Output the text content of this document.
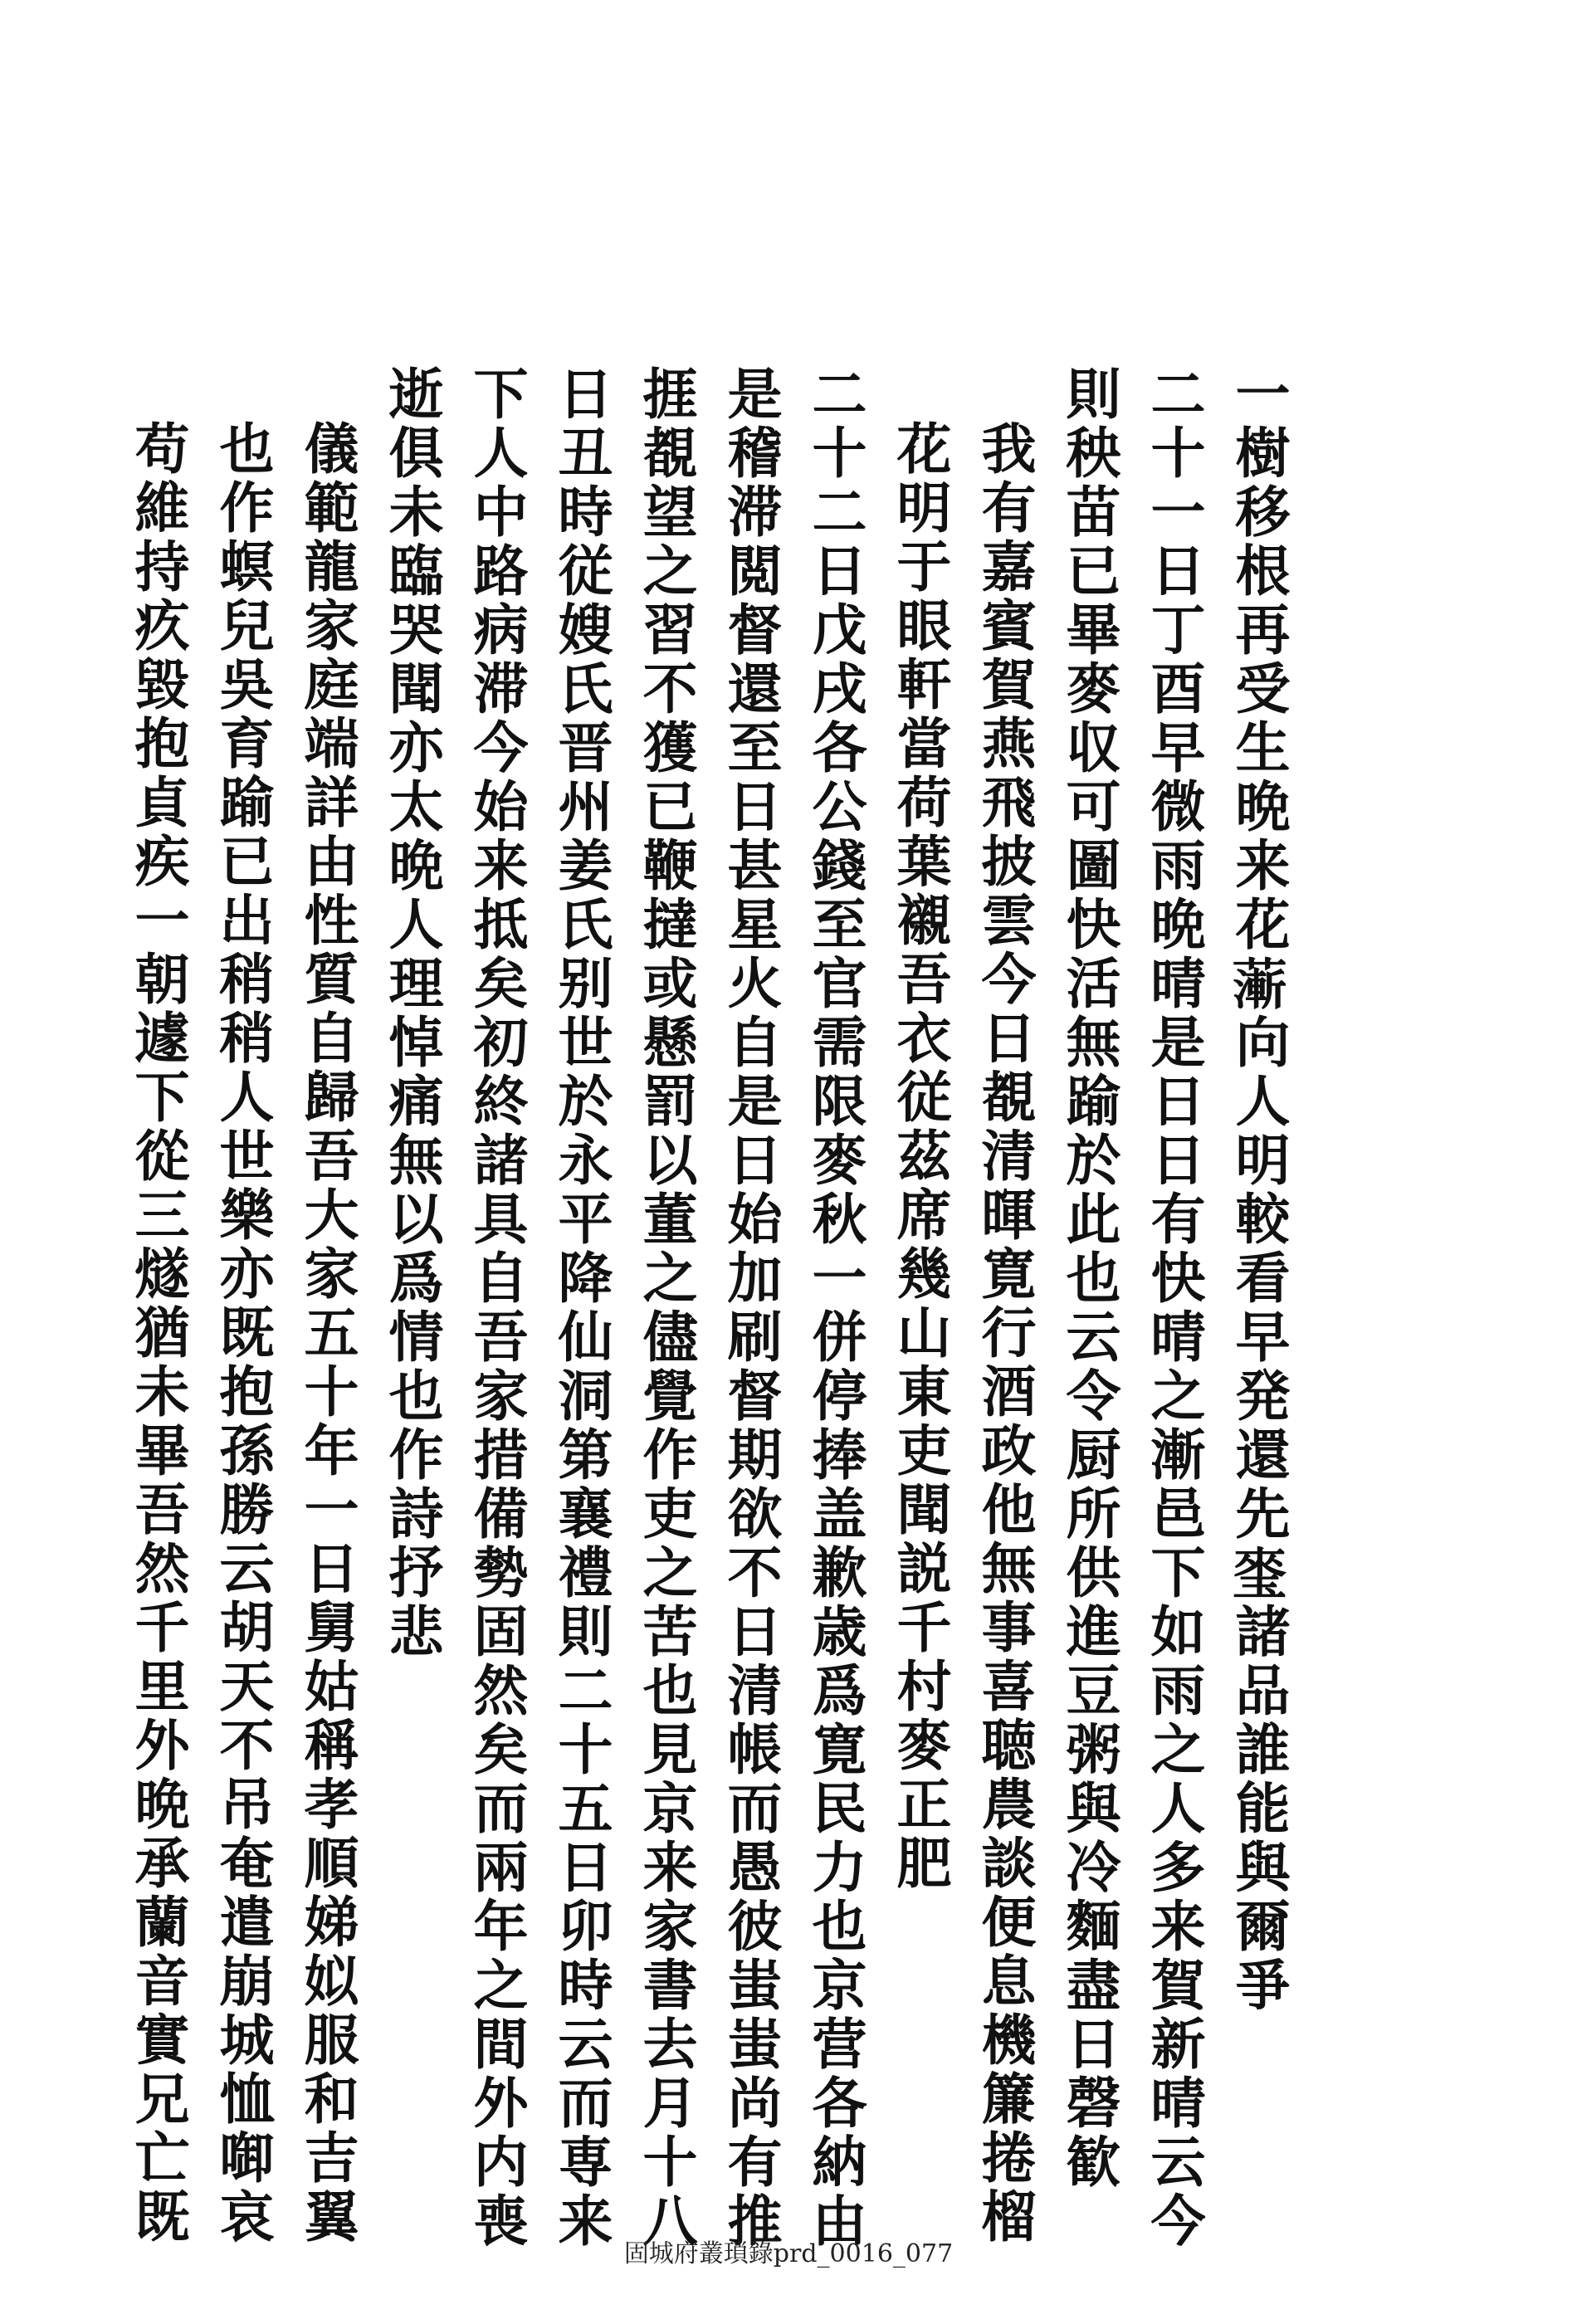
一樹移根再受生晩来花𦾶向人明較看早発還先𤦃諸品誰能與爾爭
二十一日丁酉早微雨晩晴是日日有快晴之漸邑下如雨之人多来賀新晴云今
則秧苗已畢麥収可圖快活無踰於此也云令厨所供進豆粥與冷麵盡日磬歓
我有嘉賓賀燕飛披雲今日覩清暉寛行酒政他無事喜聴農談便息機簾捲榴
花明于眼軒當荷葉襯吾衣従茲席幾山東吏聞説千村麥正肥
二十二日戊戌各公錢至官需限麥秋一併停捧盖歉歳爲寛民力也京营各納由
是稽滞閲督還至日甚星火自是日始加刷督期欲不日清帳而愚彼蚩蚩尚有推
捱覩望之習不獲已鞭撻或懸罰以董之儘覺作吏之苦也見京来家書去月十八
日丑時従嫂氏晋州姜氏别世於永平降仙洞第襄禮則二十五日卯時云而専来
下人中路病滞今始来抵矣初終諸具自吾家措備勢固然矣而兩年之間外内喪
逝俱未臨哭聞亦太晩人理悼痛無以爲情也作詩抒悲
儀範龍家庭端詳由性質自歸吾大家五十年一日舅姑稱孝順娣姒服和吉翼
也作螟兒吳育踰已出稍稍人世樂亦既抱孫勝云胡天不吊奄遣崩城恤啣哀
苟維持疚毀抱貞疾一朝遽下從三燧猶未畢吾然千里外晩承蘭音實兄亡既
固城府叢瑣錄prd_0016_077
